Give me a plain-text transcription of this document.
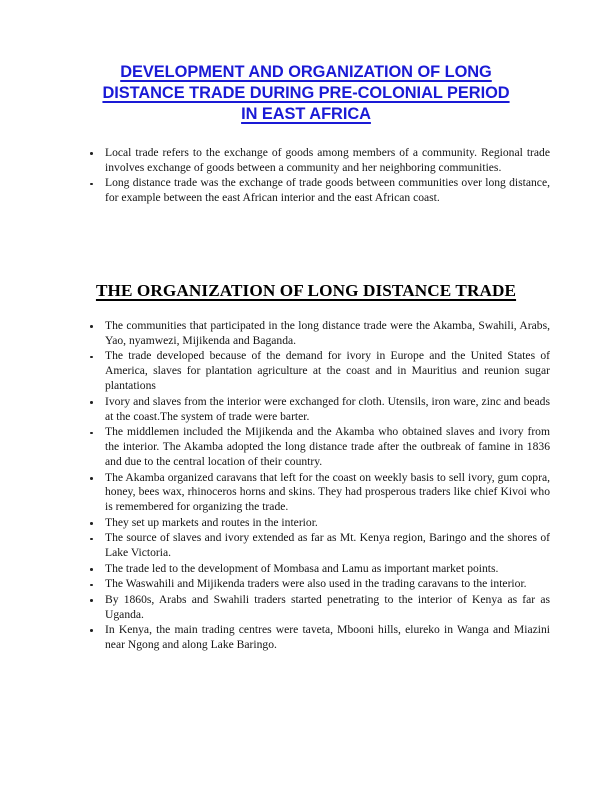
DEVELOPMENT AND ORGANIZATION OF LONG
DISTANCE TRADE DURING PRE-COLONIAL PERIOD
IN EAST AFRICA
Local trade refers to the exchange of goods among members of a community. Regional trade involves exchange of goods between a community and her neighboring communities.
Long distance trade was the exchange of trade goods between communities over long distance, for example between the east African interior and the east African coast.
THE ORGANIZATION OF LONG DISTANCE TRADE
The communities that participated in the long distance trade were the Akamba, Swahili, Arabs, Yao, nyamwezi, Mijikenda and Baganda.
The trade developed because of the demand for ivory in Europe and the United States of America, slaves for plantation agriculture at the coast and in Mauritius and reunion sugar plantations
Ivory and slaves from the interior were exchanged for cloth. Utensils, iron ware, zinc and beads at the coast.The system of trade were barter.
The middlemen included the Mijikenda and the Akamba who obtained slaves and ivory from the interior. The Akamba adopted the long distance trade after the outbreak of famine in 1836 and due to the central location of their country.
The Akamba organized caravans that left for the coast on weekly basis to sell ivory, gum copra, honey, bees wax, rhinoceros horns and skins. They had prosperous traders like chief Kivoi who is remembered for organizing the trade.
They set up markets and routes in the interior.
The source of slaves and ivory extended as far as Mt. Kenya region, Baringo and the shores of Lake Victoria.
The trade led to the development of Mombasa and Lamu as important market points.
The Waswahili and Mijikenda traders were also used in the trading caravans to the interior.
By 1860s, Arabs and Swahili traders started penetrating to the interior of Kenya as far as Uganda.
In Kenya, the main trading centres were taveta, Mbooni hills, elureko in Wanga and Miazini near Ngong and along Lake Baringo.
